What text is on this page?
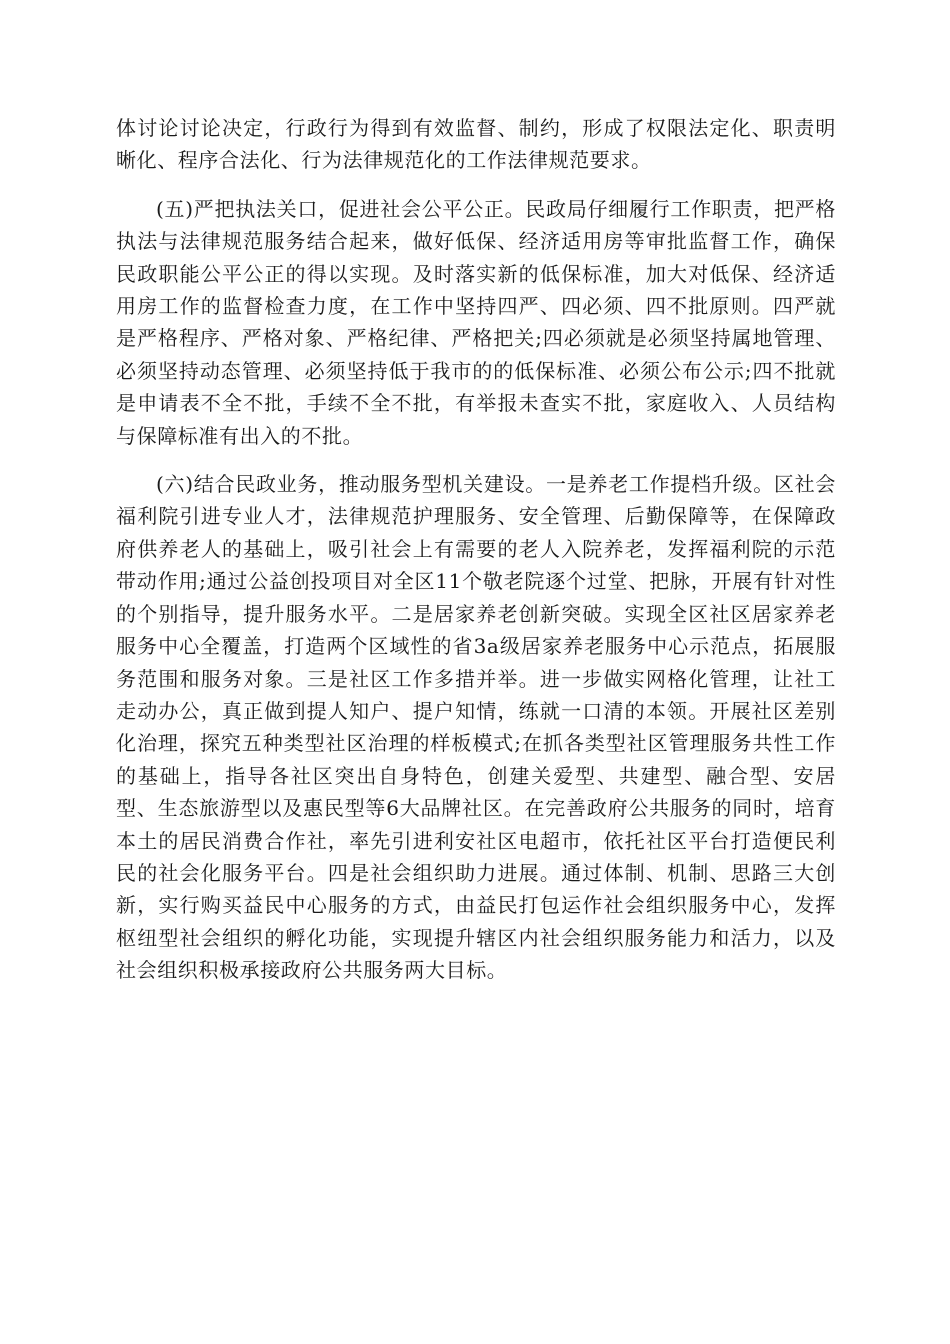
体讨论讨论决定，行政行为得到有效监督、制约，形成了权限法定化、职责明晰化、程序合法化、行为法律规范化的工作法律规范要求。

(五)严把执法关口，促进社会公平公正。民政局仔细履行工作职责，把严格执法与法律规范服务结合起来，做好低保、经济适用房等审批监督工作，确保民政职能公平公正的得以实现。及时落实新的低保标准，加大对低保、经济适用房工作的监督检查力度，在工作中坚持四严、四必须、四不批原则。四严就是严格程序、严格对象、严格纪律、严格把关;四必须就是必须坚持属地管理、必须坚持动态管理、必须坚持低于我市的的低保标准、必须公布公示;四不批就是申请表不全不批，手续不全不批，有举报未查实不批，家庭收入、人员结构与保障标准有出入的不批。

(六)结合民政业务，推动服务型机关建设。一是养老工作提档升级。区社会福利院引进专业人才，法律规范护理服务、安全管理、后勤保障等，在保障政府供养老人的基础上，吸引社会上有需要的老人入院养老，发挥福利院的示范带动作用;通过公益创投项目对全区11个敬老院逐个过堂、把脉，开展有针对性的个别指导，提升服务水平。二是居家养老创新突破。实现全区社区居家养老服务中心全覆盖，打造两个区域性的省3a级居家养老服务中心示范点，拓展服务范围和服务对象。三是社区工作多措并举。进一步做实网格化管理，让社工走动办公，真正做到提人知户、提户知情，练就一口清的本领。开展社区差别化治理，探究五种类型社区治理的样板模式;在抓各类型社区管理服务共性工作的基础上，指导各社区突出自身特色，创建关爱型、共建型、融合型、安居型、生态旅游型以及惠民型等6大品牌社区。在完善政府公共服务的同时，培育本土的居民消费合作社，率先引进利安社区电超市，依托社区平台打造便民利民的社会化服务平台。四是社会组织助力进展。通过体制、机制、思路三大创新，实行购买益民中心服务的方式，由益民打包运作社会组织服务中心，发挥枢纽型社会组织的孵化功能，实现提升辖区内社会组织服务能力和活力，以及社会组织积极承接政府公共服务两大目标。
